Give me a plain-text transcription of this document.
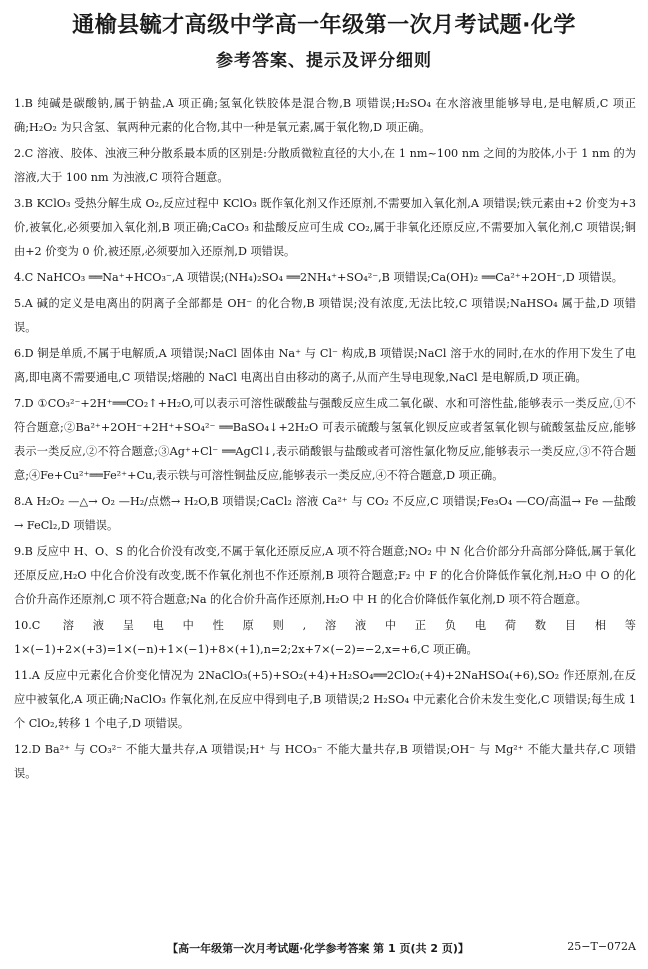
通榆县毓才高级中学高一年级第一次月考试题·化学
参考答案、提示及评分细则
1.B 纯碱是碳酸钠,属于钠盐,A 项正确;氢氧化铁胶体是混合物,B 项错误;H₂SO₄ 在水溶液里能够导电,是电解质,C 项正确;H₂O₂ 为只含氢、氧两种元素的化合物,其中一种是氧元素,属于氧化物,D 项正确。
2.C 溶液、胶体、浊液三种分散系最本质的区别是:分散质微粒直径的大小,在 1 nm~100 nm 之间的为胶体,小于 1 nm 的为溶液,大于 100 nm 为浊液,C 项符合题意。
3.B KClO₃ 受热分解生成 O₂,反应过程中 KClO₃ 既作氧化剂又作还原剂,不需要加入氧化剂,A 项错误;铁元素由+2 价变为+3 价,被氧化,必须要加入氧化剂,B 项正确;CaCO₃ 和盐酸反应可生成 CO₂,属于非氧化还原反应,不需要加入氧化剂,C 项错误;铜由+2 价变为 0 价,被还原,必须要加入还原剂,D 项错误。
4.C NaHCO₃ ══Na⁺+HCO₃⁻,A 项错误;(NH₄)₂SO₄ ══2NH₄⁺+SO₄²⁻,B 项错误;Ca(OH)₂ ══Ca²⁺+2OH⁻,D 项错误。
5.A 碱的定义是电离出的阴离子全部都是 OH⁻ 的化合物,B 项错误;没有浓度,无法比较,C 项错误;NaHSO₄ 属于盐,D 项错误。
6.D 铜是单质,不属于电解质,A 项错误;NaCl 固体由 Na⁺ 与 Cl⁻ 构成,B 项错误;NaCl 溶于水的同时,在水的作用下发生了电离,即电离不需要通电,C 项错误;熔融的 NaCl 电离出自由移动的离子,从而产生导电现象,NaCl 是电解质,D 项正确。
7.D ①CO₃²⁻+2H⁺══CO₂↑+H₂O,可以表示可溶性碳酸盐与强酸反应生成二氧化碳、水和可溶性盐,能够表示一类反应,①不符合题意;②Ba²⁺+2OH⁻+2H⁺+SO₄²⁻ ══BaSO₄↓+2H₂O 可表示硫酸与氢氧化钡反应或者氢氧化钡与硫酸氢盐反应,能够表示一类反应,②不符合题意;③Ag⁺+Cl⁻ ══AgCl↓,表示硝酸银与盐酸或者可溶性氯化物反应,能够表示一类反应,③不符合题意;④Fe+Cu²⁺══Fe²⁺+Cu,表示铁与可溶性铜盐反应,能够表示一类反应,④不符合题意,D 项正确。
8.A H₂O₂ —△→ O₂ —H₂/点燃→ H₂O,B 项错误;CaCl₂ 溶液 Ca²⁺ 与 CO₂ 不反应,C 项错误;Fe₃O₄ —CO/高温→ Fe —盐酸→ FeCl₂,D 项错误。
9.B 反应中 H、O、S 的化合价没有改变,不属于氧化还原反应,A 项不符合题意;NO₂ 中 N 化合价部分升高部分降低,属于氧化还原反应,H₂O 中化合价没有改变,既不作氧化剂也不作还原剂,B 项符合题意;F₂ 中 F 的化合价降低作氧化剂,H₂O 中 O 的化合价升高作还原剂,C 项不符合题意;Na 的化合价升高作还原剂,H₂O 中 H 的化合价降低作氧化剂,D 项不符合题意。
10.C 溶液呈电中性原则,溶液中正负电荷数目相等 1×(−1)+2×(+3)=1×(−n)+1×(−1)+8×(+1),n=2;2x+7×(−2)=−2,x=+6,C 项正确。
11.A 反应中元素化合价变化情况为 2NaClO₃(+5)+SO₂(+4)+H₂SO₄══2ClO₂(+4)+2NaHSO₄(+6),SO₂ 作还原剂,在反应中被氧化,A 项正确;NaClO₃ 作氧化剂,在反应中得到电子,B 项错误;2 H₂SO₄ 中元素化合价未发生变化,C 项错误;每生成 1 个 ClO₂,转移 1 个电子,D 项错误。
12.D Ba²⁺ 与 CO₃²⁻ 不能大量共存,A 项错误;H⁺ 与 HCO₃⁻ 不能大量共存,B 项错误;OH⁻ 与 Mg²⁺ 不能大量共存,C 项错误。
【高一年级第一次月考试题·化学参考答案 第 1 页(共 2 页)】	25−T−072A
